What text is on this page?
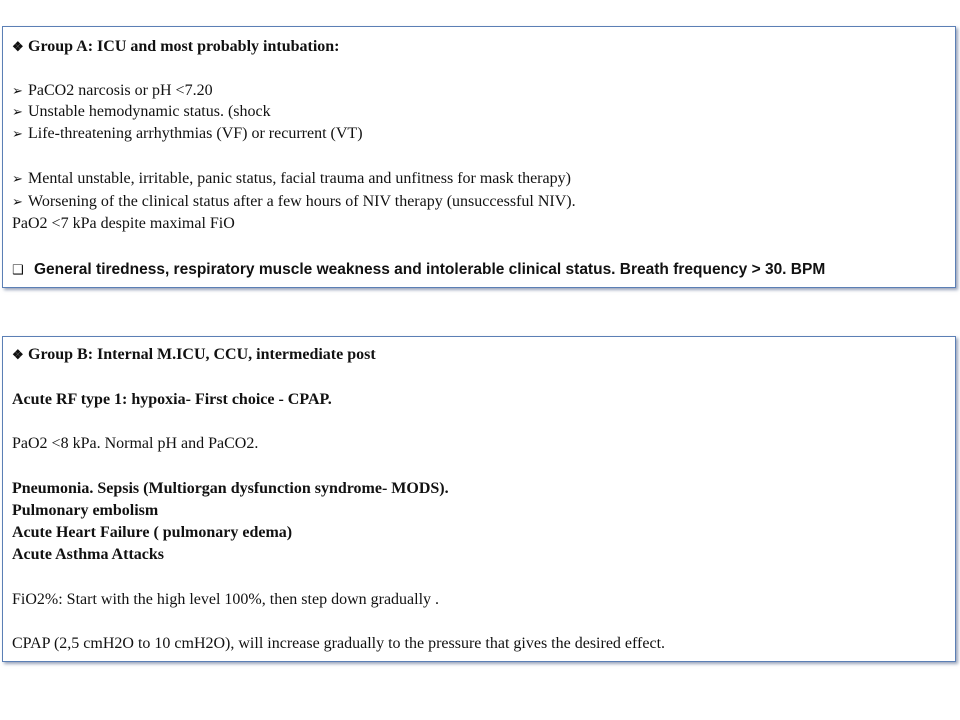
❖ Group A: ICU and most probably intubation:
➢ PaCO2 narcosis or pH <7.20
➢ Unstable hemodynamic status. (shock
➢ Life-threatening arrhythmias (VF) or recurrent (VT)
➢ Mental unstable, irritable, panic status, facial trauma and unfitness for mask therapy)
➢ Worsening of the clinical status after a few hours of NIV therapy (unsuccessful NIV).
PaO2 <7 kPa despite maximal FiO
❑ General tiredness, respiratory muscle weakness and intolerable clinical status. Breath frequency > 30. BPM
❖ Group B: Internal M.ICU, CCU, intermediate post
Acute RF type 1: hypoxia- First choice - CPAP.
PaO2 <8 kPa. Normal pH and PaCO2.
Pneumonia. Sepsis (Multiorgan dysfunction syndrome- MODS).
Pulmonary embolism
Acute Heart Failure ( pulmonary edema)
Acute Asthma Attacks
FiO2%: Start with the high level 100%, then step down gradually .
CPAP (2,5 cmH2O to 10 cmH2O), will increase gradually to the pressure that gives the desired effect.
